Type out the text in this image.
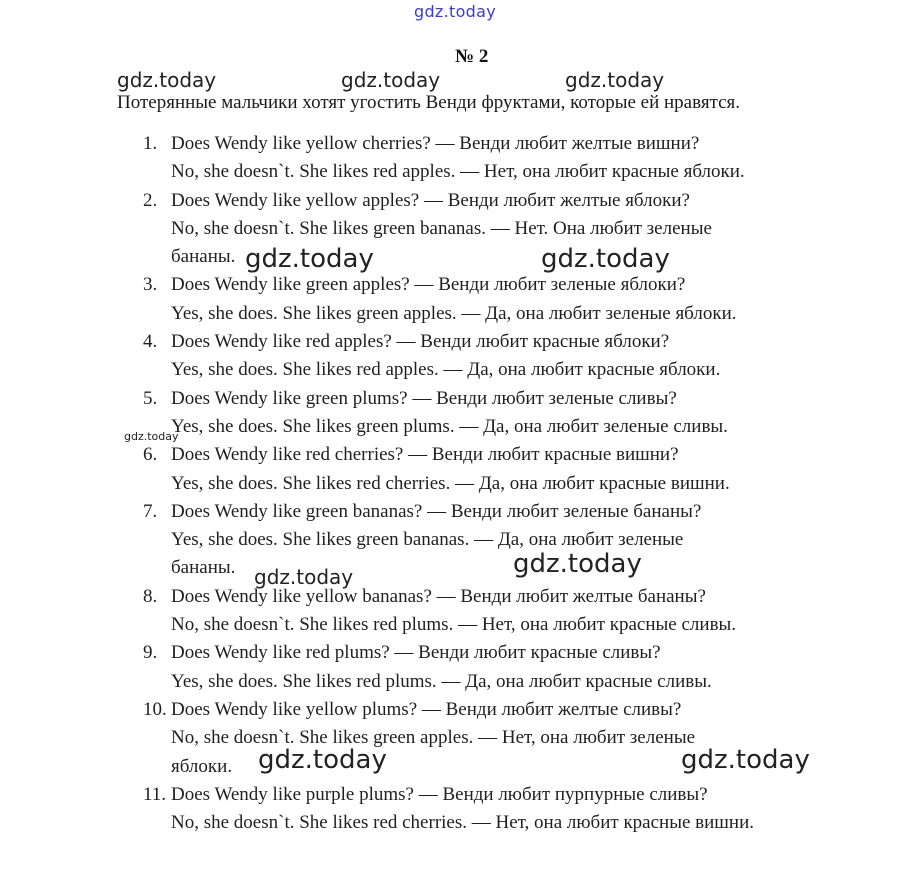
gdz.today
№ 2
gdz.today	gdz.today	gdz.today
Потерянные мальчики хотят угостить Венди фруктами, которые ей нравятся.
1. Does Wendy like yellow cherries? — Венди любит желтые вишни?
No, she doesn`t. She likes red apples. — Нет, она любит красные яблоки.
2. Does Wendy like yellow apples? — Венди любит желтые яблоки?
No, she doesn`t. She likes green bananas. — Нет. Она любит зеленые
бананы.
3. Does Wendy like green apples? — Венди любит зеленые яблоки?
Yes, she does. She likes green apples. — Да, она любит зеленые яблоки.
4. Does Wendy like red apples? — Венди любит красные яблоки?
Yes, she does. She likes red apples. — Да, она любит красные яблоки.
5. Does Wendy like green plums? — Венди любит зеленые сливы?
Yes, she does. She likes green plums. — Да, она любит зеленые сливы.
6. Does Wendy like red cherries? — Венди любит красные вишни?
Yes, she does. She likes red cherries. — Да, она любит красные вишни.
7. Does Wendy like green bananas? — Венди любит зеленые бананы?
Yes, she does. She likes green bananas. — Да, она любит зеленые
бананы.
8. Does Wendy like yellow bananas? — Венди любит желтые бананы?
No, she doesn`t. She likes red plums. — Нет, она любит красные сливы.
9. Does Wendy like red plums? — Венди любит красные сливы?
Yes, she does. She likes red plums. — Да, она любит красные сливы.
10. Does Wendy like yellow plums? — Венди любит желтые сливы?
No, she doesn`t. She likes green apples. — Нет, она любит зеленые
яблоки.
11. Does Wendy like purple plums? — Венди любит пурпурные сливы?
No, she doesn`t. She likes red cherries. — Нет, она любит красные вишни.
gdz.today	gdz.today
gdz.today
gdz.today	gdz.today
gdz.today	gdz.today
